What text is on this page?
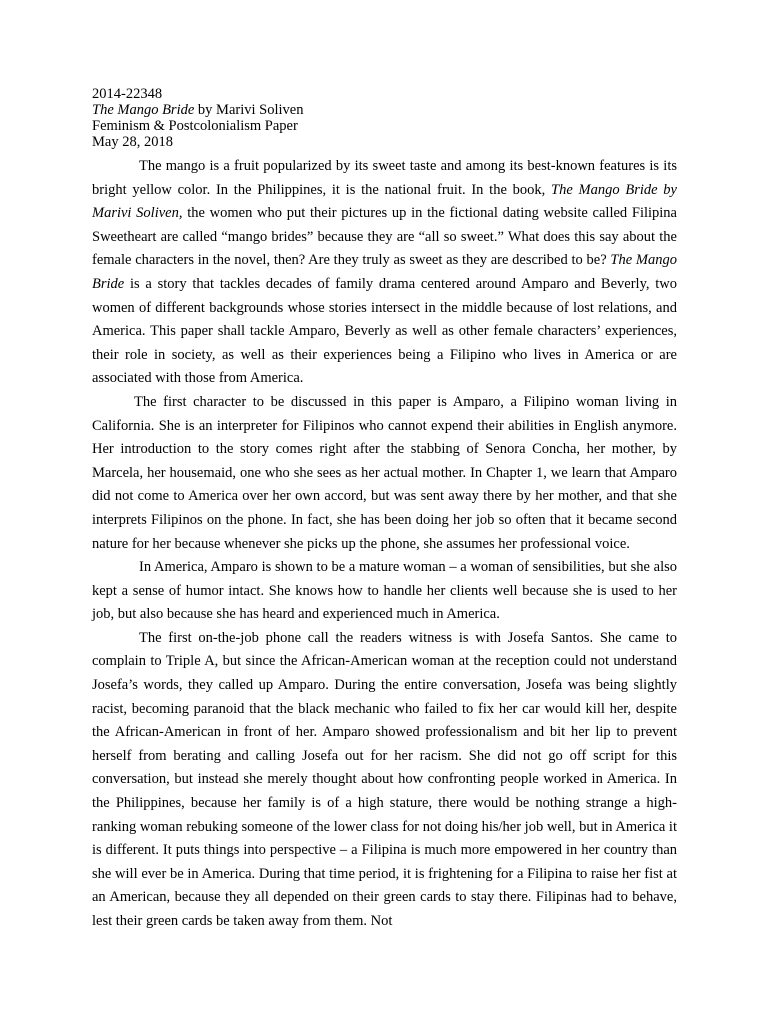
2014-22348

The Mango Bride by Marivi Soliven

Feminism & Postcolonialism Paper

May 28, 2018

The mango is a fruit popularized by its sweet taste and among its best-known features is its bright yellow color. In the Philippines, it is the national fruit. In the book, The Mango Bride by Marivi Soliven, the women who put their pictures up in the fictional dating website called Filipina Sweetheart are called “mango brides” because they are “all so sweet.” What does this say about the female characters in the novel, then? Are they truly as sweet as they are described to be? The Mango Bride is a story that tackles decades of family drama centered around Amparo and Beverly, two women of different backgrounds whose stories intersect in the middle because of lost relations, and America. This paper shall tackle Amparo, Beverly as well as other female characters’ experiences, their role in society, as well as their experiences being a Filipino who lives in America or are associated with those from America.

The first character to be discussed in this paper is Amparo, a Filipino woman living in California. She is an interpreter for Filipinos who cannot expend their abilities in English anymore. Her introduction to the story comes right after the stabbing of Senora Concha, her mother, by Marcela, her housemaid, one who she sees as her actual mother. In Chapter 1, we learn that Amparo did not come to America over her own accord, but was sent away there by her mother, and that she interprets Filipinos on the phone. In fact, she has been doing her job so often that it became second nature for her because whenever she picks up the phone, she assumes her professional voice.

In America, Amparo is shown to be a mature woman – a woman of sensibilities, but she also kept a sense of humor intact. She knows how to handle her clients well because she is used to her job, but also because she has heard and experienced much in America.

The first on-the-job phone call the readers witness is with Josefa Santos. She came to complain to Triple A, but since the African-American woman at the reception could not understand Josefa’s words, they called up Amparo. During the entire conversation, Josefa was being slightly racist, becoming paranoid that the black mechanic who failed to fix her car would kill her, despite the African-American in front of her. Amparo showed professionalism and bit her lip to prevent herself from berating and calling Josefa out for her racism. She did not go off script for this conversation, but instead she merely thought about how confronting people worked in America. In the Philippines, because her family is of a high stature, there would be nothing strange a high-ranking woman rebuking someone of the lower class for not doing his/her job well, but in America it is different. It puts things into perspective – a Filipina is much more empowered in her country than she will ever be in America. During that time period, it is frightening for a Filipina to raise her fist at an American, because they all depended on their green cards to stay there. Filipinas had to behave, lest their green cards be taken away from them. Not
